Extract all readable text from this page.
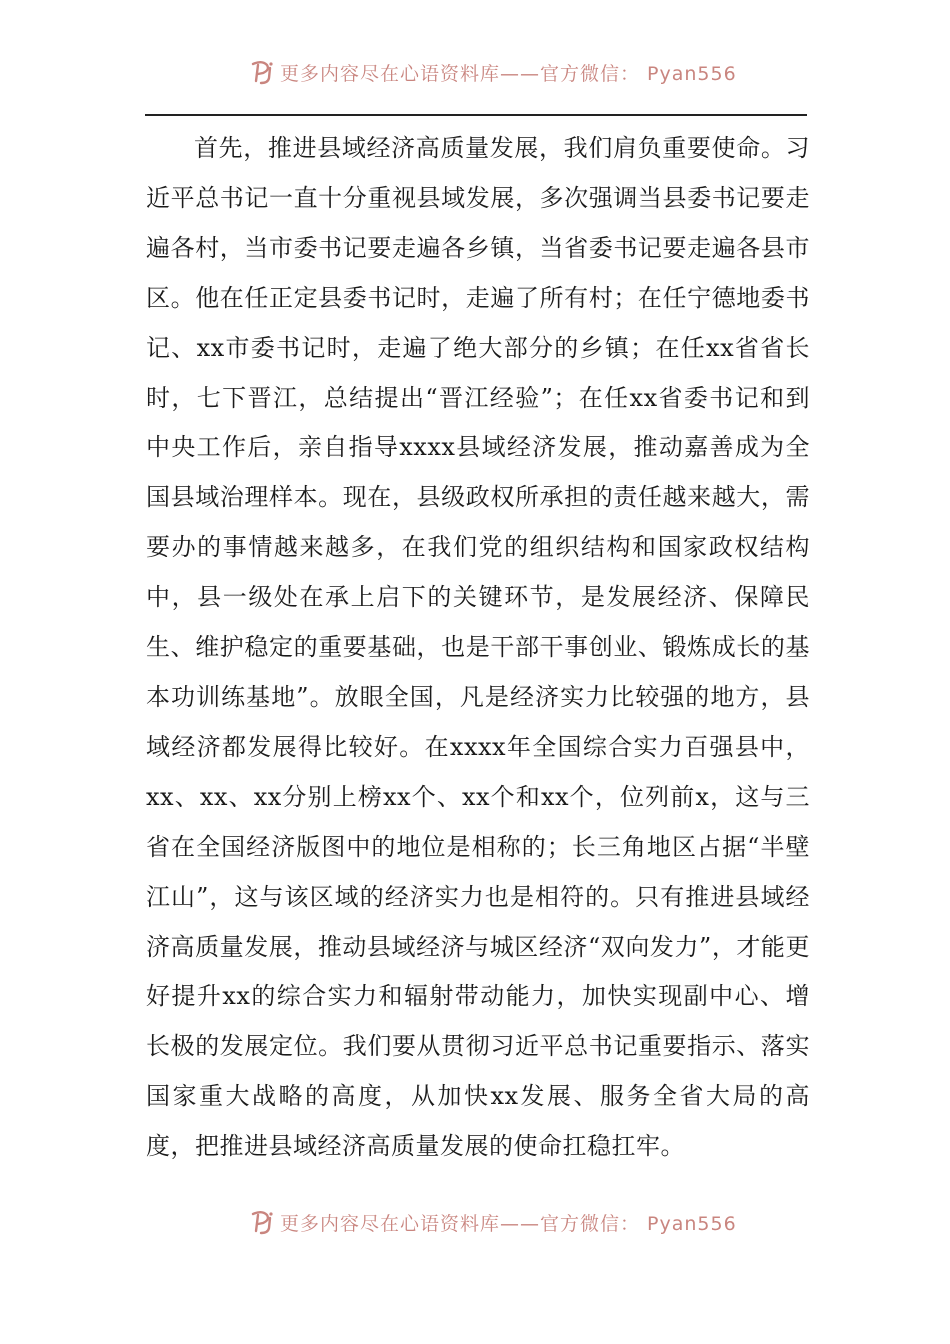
更多内容尽在心语资料库——官方微信： Pyan556

首先，推进县域经济高质量发展，我们肩负重要使命。习近平总书记一直十分重视县域发展，多次强调当县委书记要走遍各村，当市委书记要走遍各乡镇，当省委书记要走遍各县市区。他在任正定县委书记时，走遍了所有村；在任宁德地委书记、xx市委书记时，走遍了绝大部分的乡镇；在任xx省省长时，七下晋江，总结提出“晋江经验”；在任xx省委书记和到中央工作后，亲自指导xxxx县域经济发展，推动嘉善成为全国县域治理样本。现在，县级政权所承担的责任越来越大，需要办的事情越来越多，在我们党的组织结构和国家政权结构中，县一级处在承上启下的关键环节，是发展经济、保障民生、维护稳定的重要基础，也是干部干事创业、锻炼成长的基本功训练基地”。放眼全国，凡是经济实力比较强的地方，县域经济都发展得比较好。在xxxx年全国综合实力百强县中，xx、xx、xx分别上榜xx个、xx个和xx个，位列前x，这与三省在全国经济版图中的地位是相称的；长三角地区占据“半壁江山”，这与该区域的经济实力也是相符的。只有推进县域经济高质量发展，推动县域经济与城区经济“双向发力”，才能更好提升xx的综合实力和辐射带动能力，加快实现副中心、增长极的发展定位。我们要从贯彻习近平总书记重要指示、落实国家重大战略的高度，从加快xx发展、服务全省大局的高度，把推进县域经济高质量发展的使命扛稳扛牢。

更多内容尽在心语资料库——官方微信： Pyan556
